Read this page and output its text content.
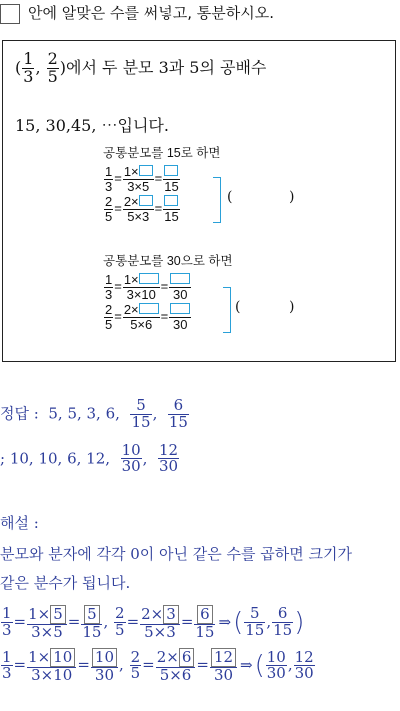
안에 알맞은 수를 써넣고, 통분하시오.
( $\frac{1}{3}$ , $\frac{2}{5}$ )에서 두 분모 3과 5의 공배수
15, 30,45, ⋯입니다.
공통분모를 15로 하면
$\frac{1}{3} = \frac{1\times}{3\times 5}$ =
15
$\frac{2}{5} = \frac{2\times}{5\times 3}$ =
15
(	)
공통분모를 30으로 하면
$\frac{1}{3} = \frac{1\times}{3\times 10}$ =
30
$\frac{2}{5} = \frac{2\times}{5\times 6}$ =
30
(	)
정답 : 5, 5, 3, 6, $\frac{5}{15}$ , $\frac{6}{15}$
; 10, 10, 6, 12, $\frac{10}{30}$ , $\frac{12}{30}$
해설 :
분모와 분자에 각각 0이 아닌 같은 수를 곱하면 크기가
같은 분수가 됩니다.
$\frac{1}{3} = \frac{1\times 5}{3\times 5} = \frac{5}{15}$ , $\frac{2}{5} = \frac{2\times 3}{5\times 3} = \frac{6}{15}$ ⇒( $\frac{5}{15}$ , $\frac{6}{15}$ )
$\frac{1}{3} = \frac{1\times 10}{3\times 10} = \frac{10}{30}$ , $\frac{2}{5} = \frac{2\times 6}{5\times 6} = \frac{12}{30}$ ⇒( $\frac{10}{30}$ , $\frac{12}{30}$
